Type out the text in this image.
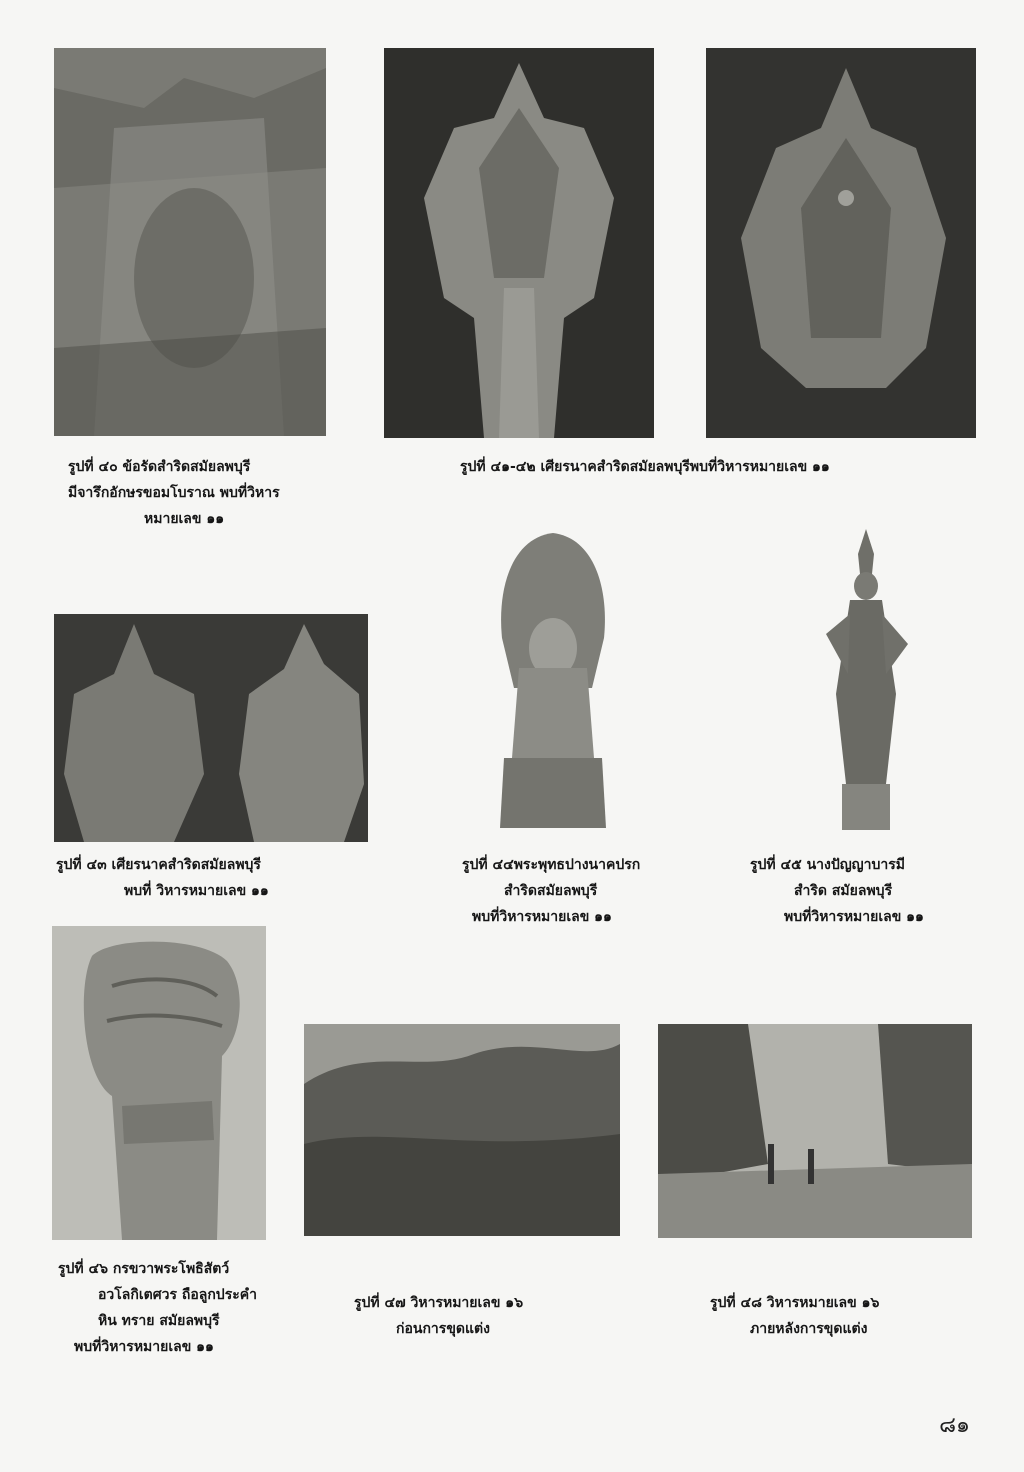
รูปที่ ๔๐ ข้อรัดสำริดสมัยลพบุรี
มีจารึกอักษรขอมโบราณ พบที่วิหาร
หมายเลข ๑๑
รูปที่ ๔๑-๔๒ เศียรนาคสำริดสมัยลพบุรีพบที่วิหารหมายเลข ๑๑
รูปที่ ๔๓ เศียรนาคสำริดสมัยลพบุรี
พบที่ วิหารหมายเลข ๑๑
รูปที่ ๔๔พระพุทธปางนาคปรก
สำริดสมัยลพบุรี
พบที่วิหารหมายเลข ๑๑
รูปที่ ๔๕ นางปัญญาบารมี
สำริด สมัยลพบุรี
พบที่วิหารหมายเลข ๑๑
รูปที่ ๔๖ กรขวาพระโพธิสัตว์
อวโลกิเตศวร ถือลูกประคำ
หิน ทราย สมัยลพบุรี
พบที่วิหารหมายเลข ๑๑
รูปที่ ๔๗ วิหารหมายเลข ๑๖
ก่อนการขุดแต่ง
รูปที่ ๔๘ วิหารหมายเลข ๑๖
ภายหลังการขุดแต่ง
๘๑
